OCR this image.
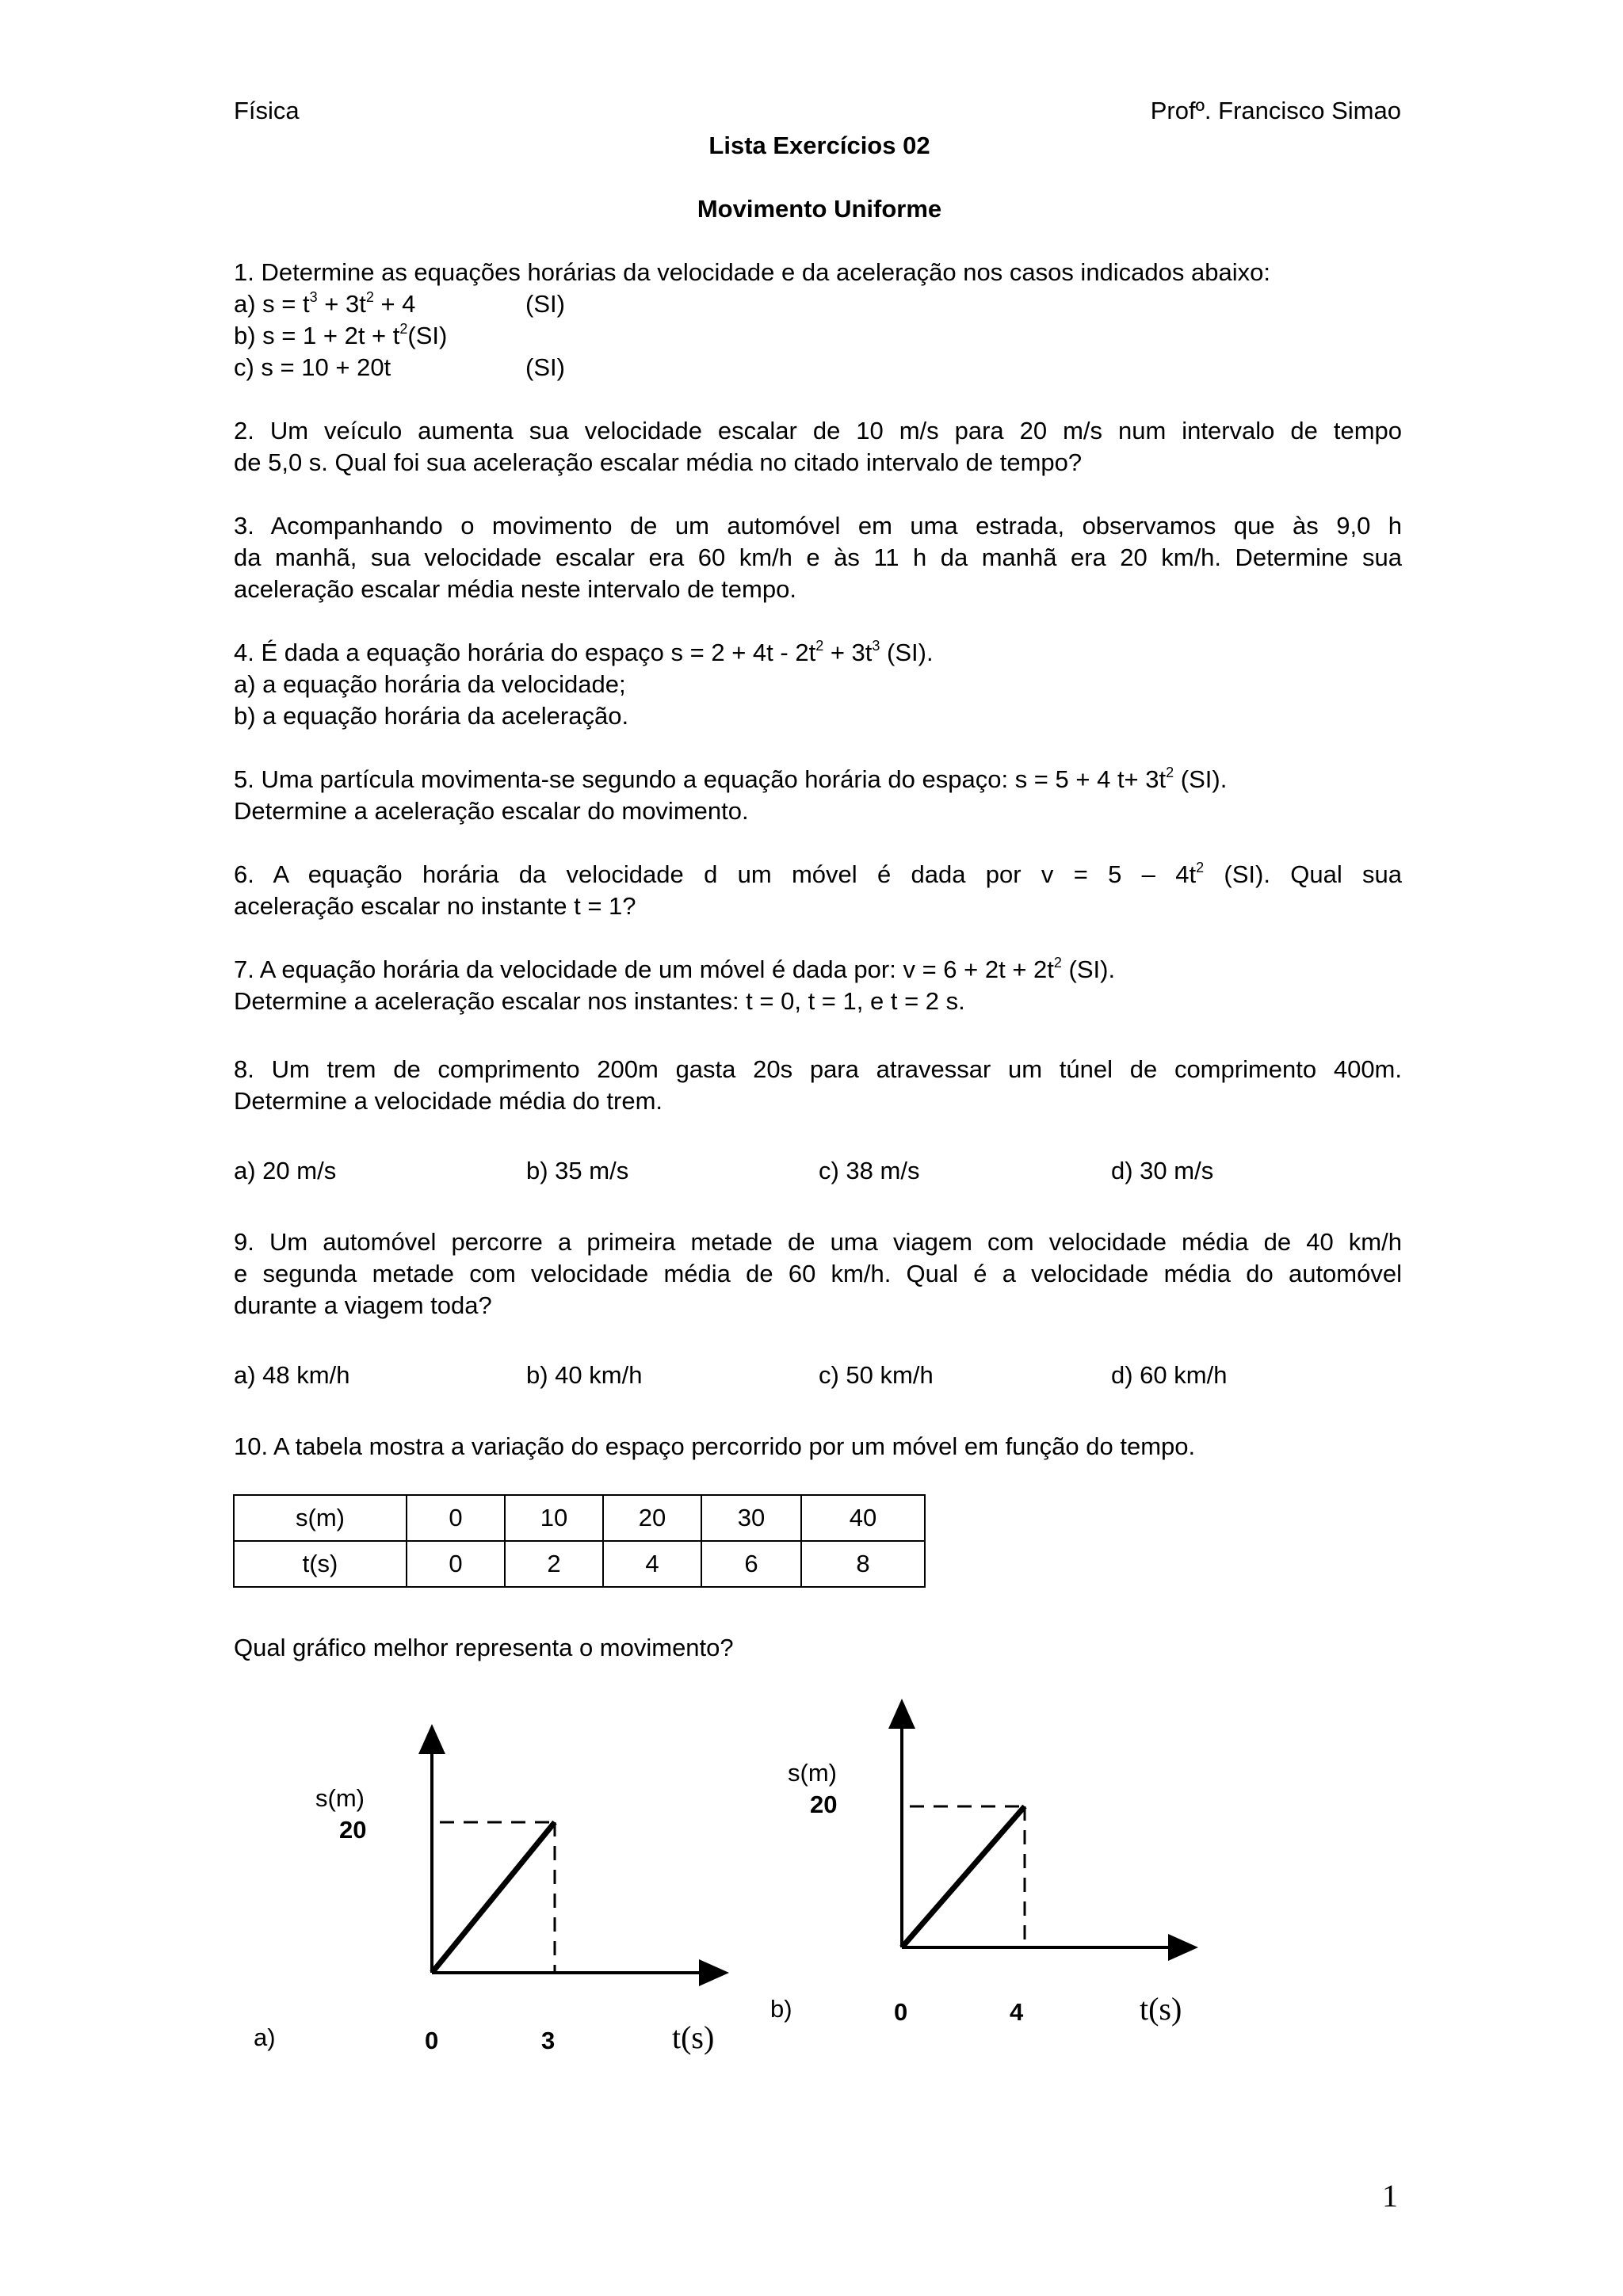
Física	Profº. Francisco Simao
Lista Exercícios 02
Movimento Uniforme
1. Determine as equações horárias da velocidade e da aceleração nos casos indicados abaixo:
a) $s = t^3 + 3t^2 + 4$	(SI)
b) $s = 1 + 2t + t^2(SI)$
c) s = 10 + 20t	(SI)
2. Um veículo aumenta sua velocidade escalar de 10 m/s para 20 m/s num intervalo de tempo
de 5,0 s. Qual foi sua aceleração escalar média no citado intervalo de tempo?
3. Acompanhando o movimento de um automóvel em uma estrada, observamos que às 9,0 h
da manhã, sua velocidade escalar era 60 km/h e às 11 h da manhã era 20 km/h. Determine sua
aceleração escalar média neste intervalo de tempo.
4. É dada a equação horária do espaço $s = 2 + 4t - 2t^2 + 3t^3$ (SI).
a) a equação horária da velocidade;
b) a equação horária da aceleração.
5. Uma partícula movimenta-se segundo a equação horária do espaço: s = 5 + 4 $t+ 3t^2$ (SI).
Determine a aceleração escalar do movimento.
6. A equação horária da velocidade d um móvel é dada por $v = 5 - 4t^2$ (SI). Qual sua
aceleração escalar no instante t = 1?
7. A equação horária da velocidade de um móvel é dada por: $v = 6 + 2t + 2t^2$ (SI).
Determine a aceleração escalar nos instantes: t = 0, t = 1, e t = 2 s.
8. Um trem de comprimento 200m gasta 20s para atravessar um túnel de comprimento 400m.
Determine a velocidade média do trem.
a) 20 m/s	b) 35 m/s	c) 38 m/s	d) 30 m/s
9. Um automóvel percorre a primeira metade de uma viagem com velocidade média de 40 km/h
e segunda metade com velocidade média de 60 km/h. Qual é a velocidade média do automóvel
durante a viagem toda?
a) 48 km/h	b) 40 km/h	c) 50 km/h	d) 60 km/h
10. A tabela mostra a variação do espaço percorrido por um móvel em função do tempo.
s(m)	0	10	20	30	40
t(s)	0	2	4	6	8
Qual gráfico melhor representa o movimento?
s(m)
20
a)	0	3	t(s)
s(m)
20
b)	0	4	t(s)
1
